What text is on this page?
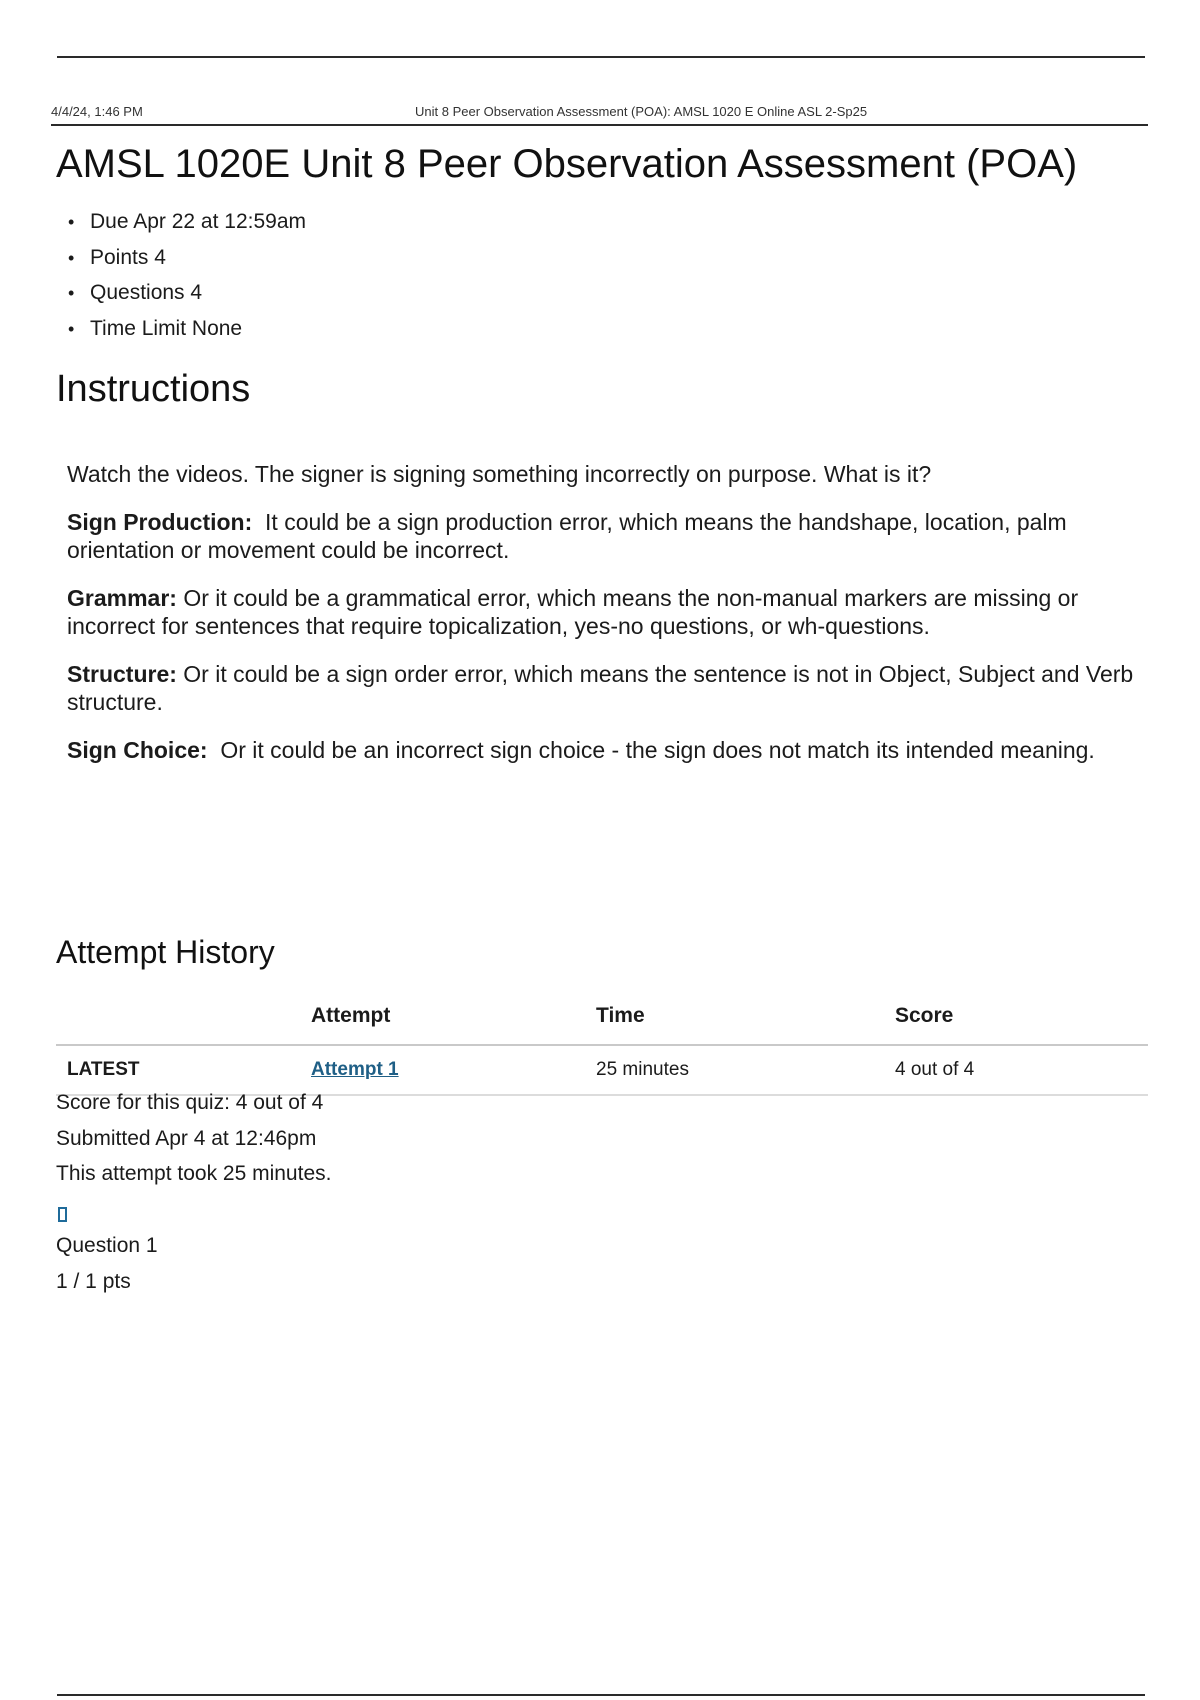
4/4/24, 1:46 PM	Unit 8 Peer Observation Assessment (POA): AMSL 1020 E Online ASL 2-Sp25
AMSL 1020E Unit 8 Peer Observation Assessment (POA)
• Due Apr 22 at 12:59am
• Points 4
• Questions 4
• Time Limit None
Instructions

Watch the videos. The signer is signing something incorrectly on purpose. What is it?

Sign Production: It could be a sign production error, which means the handshape, location, palm orientation or movement could be incorrect.

Grammar: Or it could be a grammatical error, which means the non-manual markers are missing or incorrect for sentences that require topicalization, yes-no questions, or wh-questions.

Structure: Or it could be a sign order error, which means the sentence is not in Object, Subject and Verb structure.

Sign Choice: Or it could be an incorrect sign choice - the sign does not match its intended meaning.

Attempt History
	Attempt	Time	Score
LATEST	Attempt 1	25 minutes	4 out of 4
Score for this quiz: 4 out of 4
Submitted Apr 4 at 12:46pm
This attempt took 25 minutes.
Question 1
1 / 1 pts
